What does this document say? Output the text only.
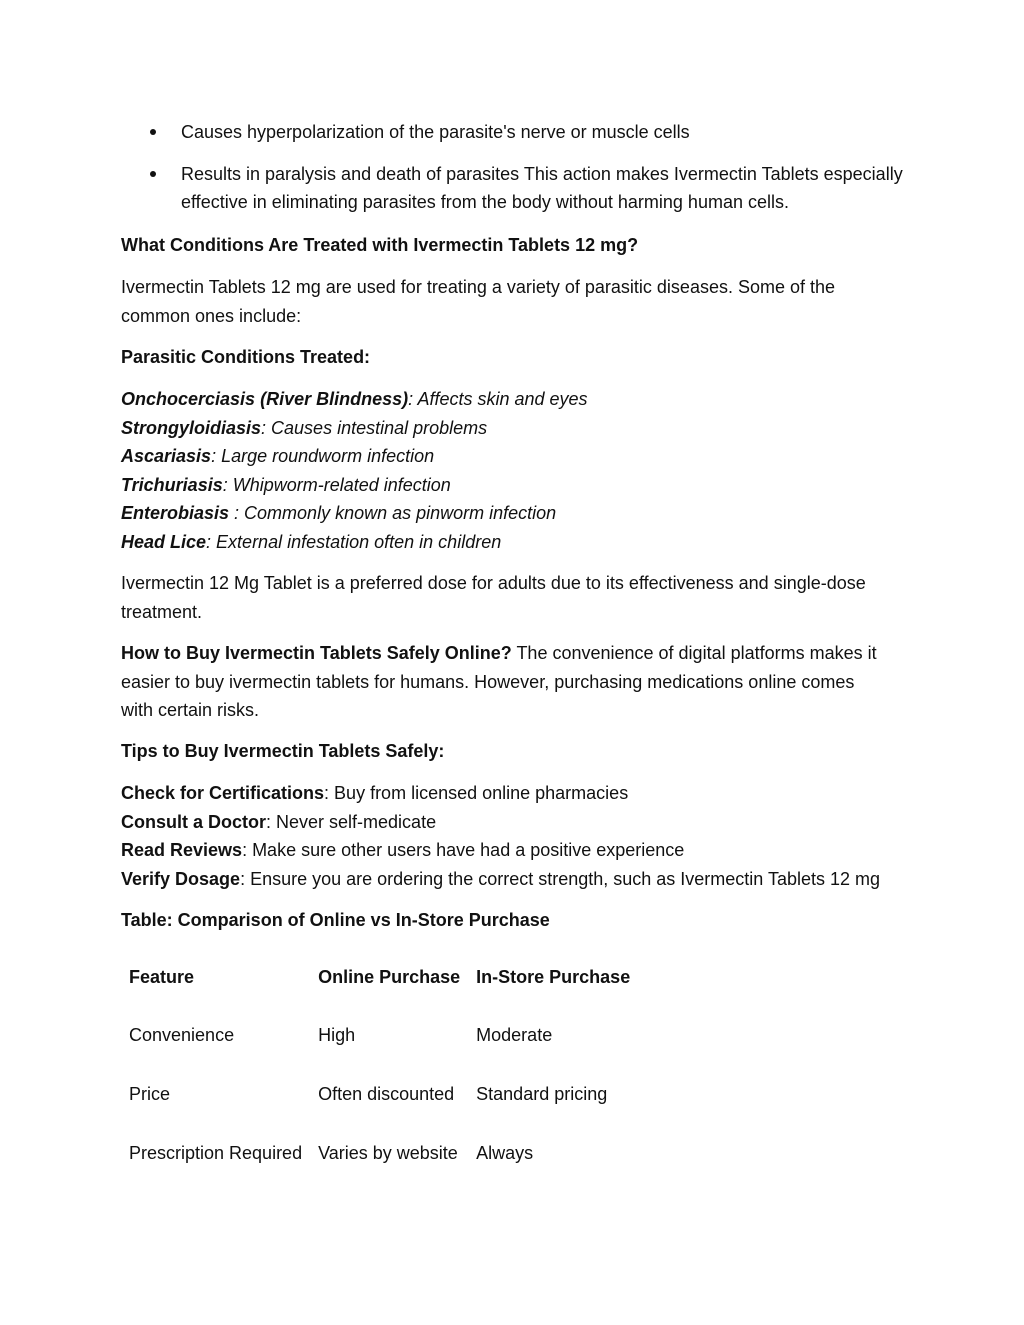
Causes hyperpolarization of the parasite's nerve or muscle cells
Results in paralysis and death of parasites This action makes Ivermectin Tablets especially effective in eliminating parasites from the body without harming human cells.

What Conditions Are Treated with Ivermectin Tablets 12 mg?

Ivermectin Tablets 12 mg are used for treating a variety of parasitic diseases. Some of the common ones include:

Parasitic Conditions Treated:

Onchocerciasis (River Blindness): Affects skin and eyes
Strongyloidiasis: Causes intestinal problems
Ascariasis: Large roundworm infection
Trichuriasis: Whipworm-related infection
Enterobiasis : Commonly known as pinworm infection
Head Lice: External infestation often in children

Ivermectin 12 Mg Tablet is a preferred dose for adults due to its effectiveness and single-dose treatment.

How to Buy Ivermectin Tablets Safely Online? The convenience of digital platforms makes it easier to buy ivermectin tablets for humans. However, purchasing medications online comes with certain risks.

Tips to Buy Ivermectin Tablets Safely:

Check for Certifications: Buy from licensed online pharmacies
Consult a Doctor: Never self-medicate
Read Reviews: Make sure other users have had a positive experience
Verify Dosage: Ensure you are ordering the correct strength, such as Ivermectin Tablets 12 mg

Table: Comparison of Online vs In-Store Purchase

Feature	Online Purchase	In-Store Purchase
Convenience	High	Moderate
Price	Often discounted	Standard pricing
Prescription Required	Varies by website	Always
